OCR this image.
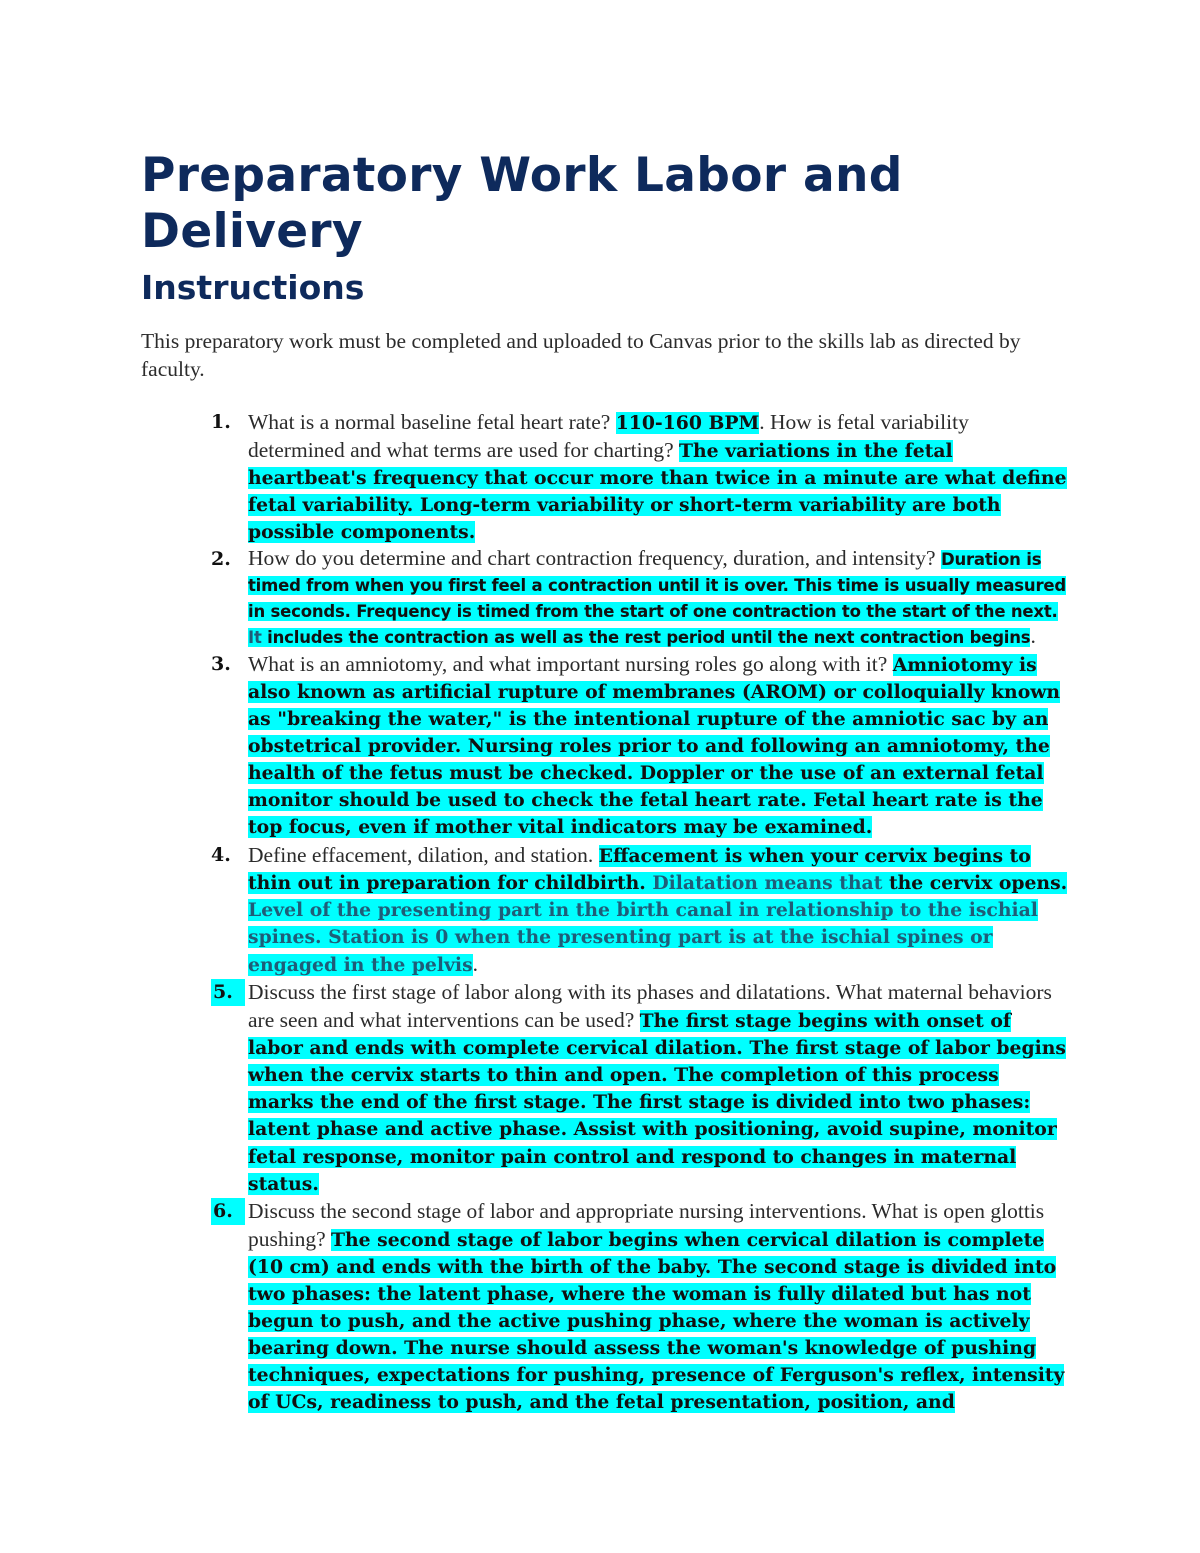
Preparatory Work Labor and Delivery
Instructions

This preparatory work must be completed and uploaded to Canvas prior to the skills lab as directed by faculty.

1. What is a normal baseline fetal heart rate? 110-160 BPM. How is fetal variability determined and what terms are used for charting? The variations in the fetal heartbeat's frequency that occur more than twice in a minute are what define fetal variability. Long-term variability or short-term variability are both possible components.
2. How do you determine and chart contraction frequency, duration, and intensity? Duration is timed from when you first feel a contraction until it is over. This time is usually measured in seconds. Frequency is timed from the start of one contraction to the start of the next. It includes the contraction as well as the rest period until the next contraction begins.
3. What is an amniotomy, and what important nursing roles go along with it? Amniotomy is also known as artificial rupture of membranes (AROM) or colloquially known as "breaking the water," is the intentional rupture of the amniotic sac by an obstetrical provider. Nursing roles prior to and following an amniotomy, the health of the fetus must be checked. Doppler or the use of an external fetal monitor should be used to check the fetal heart rate. Fetal heart rate is the top focus, even if mother vital indicators may be examined.
4. Define effacement, dilation, and station. Effacement is when your cervix begins to thin out in preparation for childbirth. Dilatation means that the cervix opens. Level of the presenting part in the birth canal in relationship to the ischial spines. Station is 0 when the presenting part is at the ischial spines or engaged in the pelvis.
5. Discuss the first stage of labor along with its phases and dilatations. What maternal behaviors are seen and what interventions can be used? The first stage begins with onset of labor and ends with complete cervical dilation. The first stage of labor begins when the cervix starts to thin and open. The completion of this process marks the end of the first stage. The first stage is divided into two phases: latent phase and active phase. Assist with positioning, avoid supine, monitor fetal response, monitor pain control and respond to changes in maternal status.
6. Discuss the second stage of labor and appropriate nursing interventions. What is open glottis pushing? The second stage of labor begins when cervical dilation is complete (10 cm) and ends with the birth of the baby. The second stage is divided into two phases: the latent phase, where the woman is fully dilated but has not begun to push, and the active pushing phase, where the woman is actively bearing down. The nurse should assess the woman's knowledge of pushing techniques, expectations for pushing, presence of Ferguson's reflex, intensity of UCs, readiness to push, and the fetal presentation, position, and
